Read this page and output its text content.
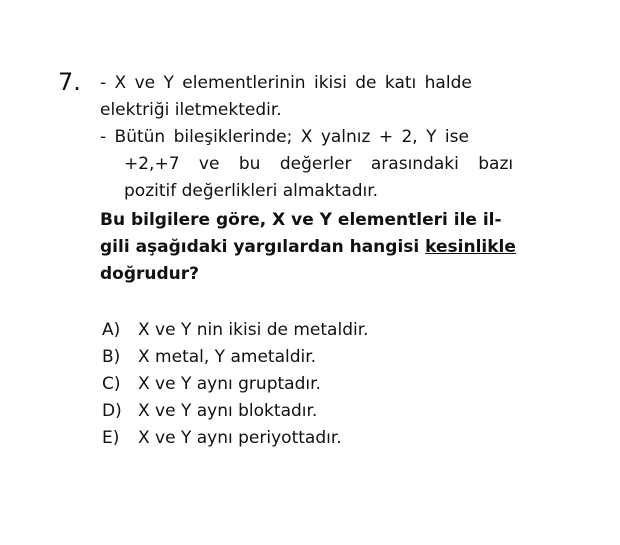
7. - X ve Y elementlerinin ikisi de katı halde
elektriği iletmektedir.
- Bütün bileşiklerinde; X yalnız + 2, Y ise
+2,+7 ve bu değerler arasındaki bazı
pozitif değerlikleri almaktadır.
Bu bilgilere göre, X ve Y elementleri ile il-
gili aşağıdaki yargılardan hangisi kesinlikle
doğrudur?
A) X ve Y nin ikisi de metaldir.
B) X metal, Y ametaldir.
C) X ve Y aynı gruptadır.
D) X ve Y aynı bloktadır.
E) X ve Y aynı periyottadır.
